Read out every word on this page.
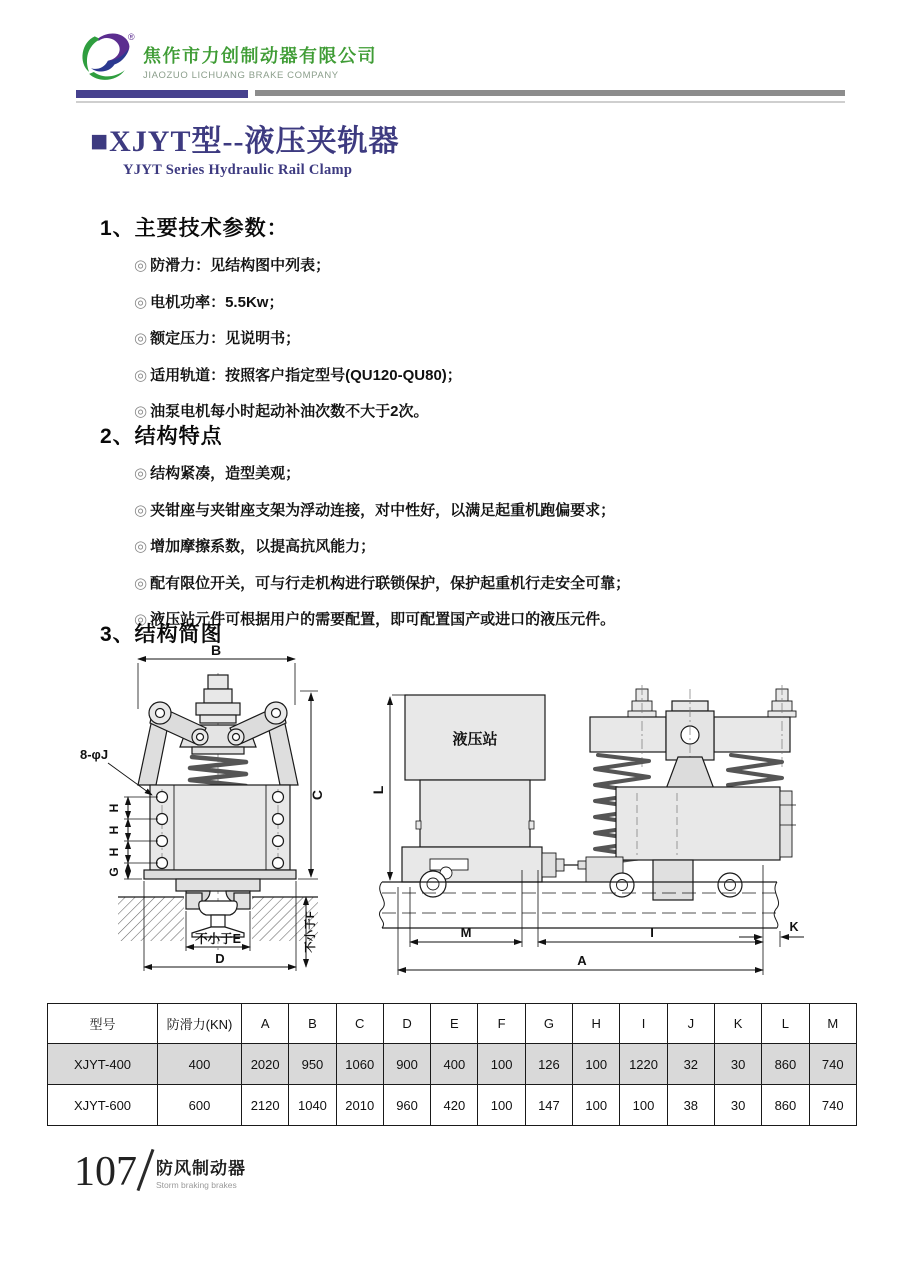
®
焦作市力创制动器有限公司
JIAOZUO LICHUANG BRAKE COMPANY
■XJYT型--液压夹轨器
YJYT Series Hydraulic Rail Clamp
1、主要技术参数：
◎ 防滑力：见结构图中列表；
◎ 电机功率：5.5Kw；
◎ 额定压力：见说明书；
◎ 适用轨道：按照客户指定型号(QU120-QU80)；
◎ 油泵电机每小时起动补油次数不大于2次。
2、结构特点
◎ 结构紧凑，造型美观；
◎ 夹钳座与夹钳座支架为浮动连接，对中性好，以满足起重机跑偏要求；
◎ 增加摩擦系数，以提高抗风能力；
◎ 配有限位开关，可与行走机构进行联锁保护，保护起重机行走安全可靠；
◎ 液压站元件可根据用户的需要配置，即可配置国产或进口的液压元件。
3、结构简图
B
C
8-φJ
H
H
H
G
不小于E
D
不小于F
液压站
L
M	I	K
A
型号	防滑力(KN)	A	B	C	D	E	F	G	H	I	J	K	L	M
XJYT-400	400	2020	950	1060	900	400	100	126	100	1220	32	30	860	740
XJYT-600	600	2120	1040	2010	960	420	100	147	100	100	38	30	860	740
107 防风制动器
Storm braking brakes
